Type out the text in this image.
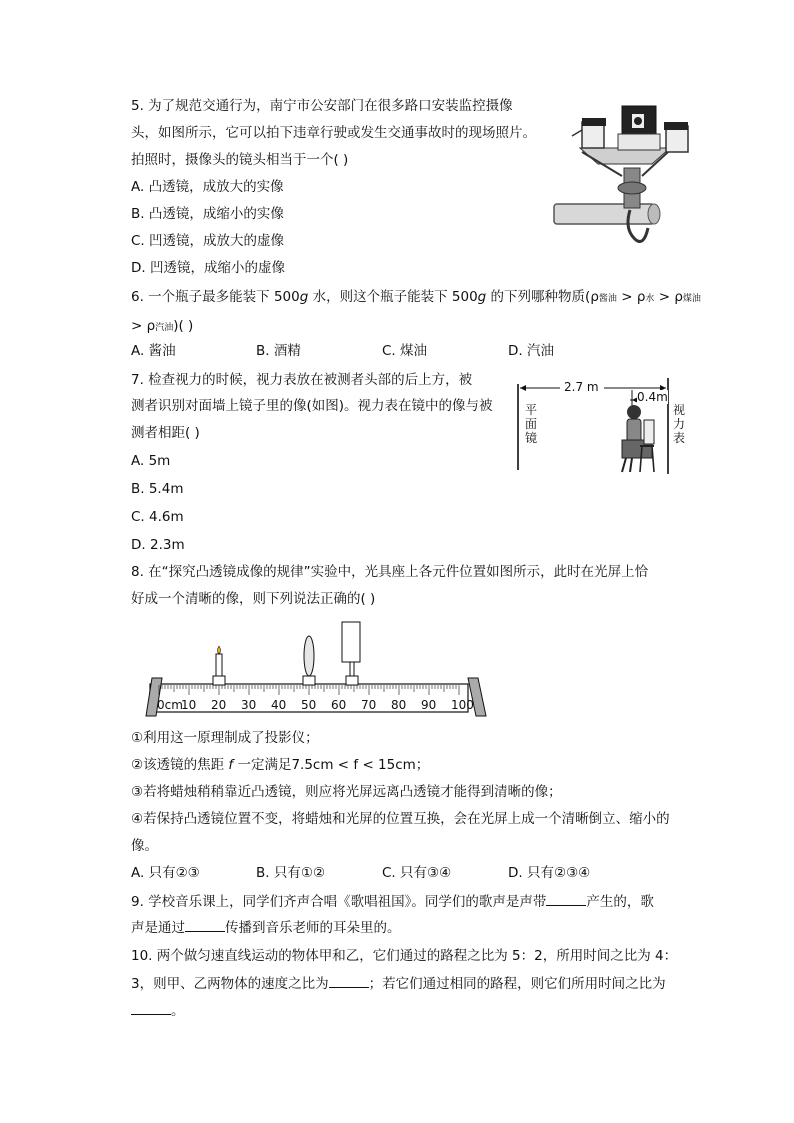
5. 为了规范交通行为，南宁市公安部门在很多路口安装监控摄像
头，如图所示，它可以拍下违章行驶或发生交通事故时的现场照片。
拍照时，摄像头的镜头相当于一个( )
A. 凸透镜，成放大的实像
B. 凸透镜，成缩小的实像
C. 凹透镜，成放大的虚像
D. 凹透镜，成缩小的虚像
6. 一个瓶子最多能装下 500g 水，则这个瓶子能装下 500g 的下列哪种物质(ρ酱油 > ρ水 > ρ煤油
> ρ汽油)( )
A. 酱油	B. 酒精	C. 煤油	D. 汽油
7. 检查视力的时候，视力表放在被测者头部的后上方，被
测者识别对面墙上镜子里的像(如图)。视力表在镜中的像与被
测者相距( )
A. 5m
B. 5.4m
C. 4.6m
D. 2.3m
2.7 m
0.4m
平
面
镜
视
力
表
8. 在“探究凸透镜成像的规律”实验中，光具座上各元件位置如图所示，此时在光屏上恰
好成一个清晰的像，则下列说法正确的( )
0cm
10 20 30 40 50 60 70 80 90 100
①利用这一原理制成了投影仪；
②该透镜的焦距 f 一定满足7.5cm < f < 15cm；
③若将蜡烛稍稍靠近凸透镜，则应将光屏远离凸透镜才能得到清晰的像；
④若保持凸透镜位置不变，将蜡烛和光屏的位置互换，会在光屏上成一个清晰倒立、缩小的
像。
A. 只有②③	B. 只有①②	C. 只有③④	D. 只有②③④
9. 学校音乐课上，同学们齐声合唱《歌唱祖国》。同学们的歌声是声带	产生的，歌
声是通过	传播到音乐老师的耳朵里的。
10. 两个做匀速直线运动的物体甲和乙，它们通过的路程之比为 5：2，所用时间之比为 4：
3，则甲、乙两物体的速度之比为	；若它们通过相同的路程，则它们所用时间之比为
。
